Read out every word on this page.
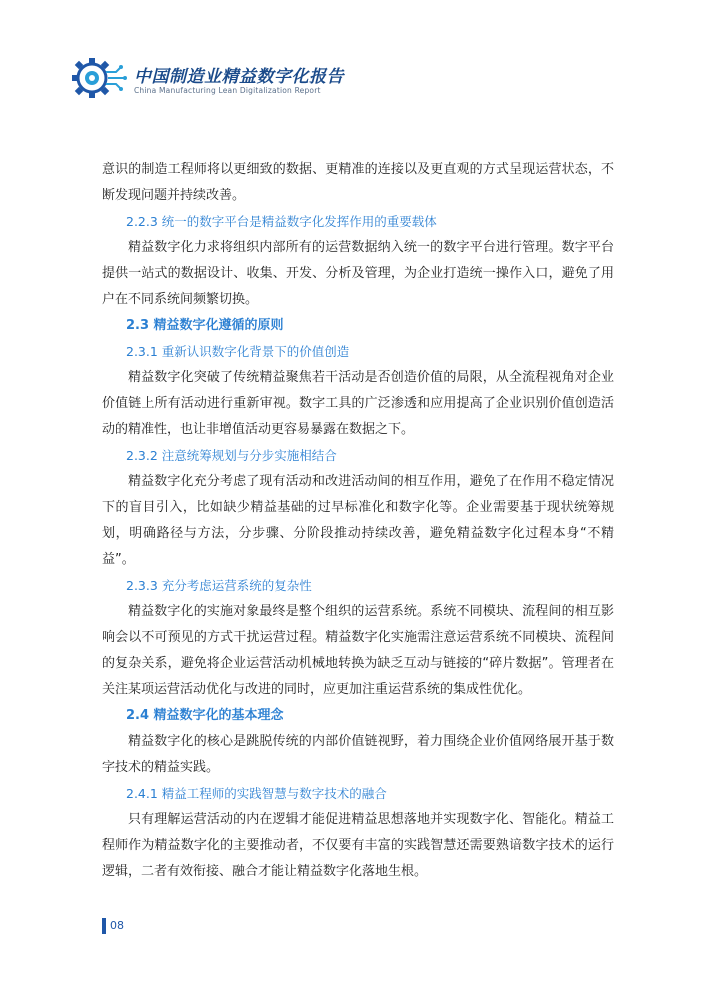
中国制造业精益数字化报告
China Manufacturing Lean Digitalization Report

意识的制造工程师将以更细致的数据、更精准的连接以及更直观的方式呈现运营状态，不断发现问题并持续改善。

2.2.3 统一的数字平台是精益数字化发挥作用的重要载体

精益数字化力求将组织内部所有的运营数据纳入统一的数字平台进行管理。数字平台提供一站式的数据设计、收集、开发、分析及管理，为企业打造统一操作入口，避免了用户在不同系统间频繁切换。

2.3 精益数字化遵循的原则

2.3.1 重新认识数字化背景下的价值创造

精益数字化突破了传统精益聚焦若干活动是否创造价值的局限，从全流程视角对企业价值链上所有活动进行重新审视。数字工具的广泛渗透和应用提高了企业识别价值创造活动的精准性，也让非增值活动更容易暴露在数据之下。

2.3.2 注意统筹规划与分步实施相结合

精益数字化充分考虑了现有活动和改进活动间的相互作用，避免了在作用不稳定情况下的盲目引入，比如缺少精益基础的过早标准化和数字化等。企业需要基于现状统筹规划，明确路径与方法，分步骤、分阶段推动持续改善，避免精益数字化过程本身“不精益”。

2.3.3 充分考虑运营系统的复杂性

精益数字化的实施对象最终是整个组织的运营系统。系统不同模块、流程间的相互影响会以不可预见的方式干扰运营过程。精益数字化实施需注意运营系统不同模块、流程间的复杂关系，避免将企业运营活动机械地转换为缺乏互动与链接的“碎片数据”。管理者在关注某项运营活动优化与改进的同时，应更加注重运营系统的集成性优化。

2.4 精益数字化的基本理念

精益数字化的核心是跳脱传统的内部价值链视野，着力围绕企业价值网络展开基于数字技术的精益实践。

2.4.1 精益工程师的实践智慧与数字技术的融合

只有理解运营活动的内在逻辑才能促进精益思想落地并实现数字化、智能化。精益工程师作为精益数字化的主要推动者，不仅要有丰富的实践智慧还需要熟谙数字技术的运行逻辑，二者有效衔接、融合才能让精益数字化落地生根。

08
